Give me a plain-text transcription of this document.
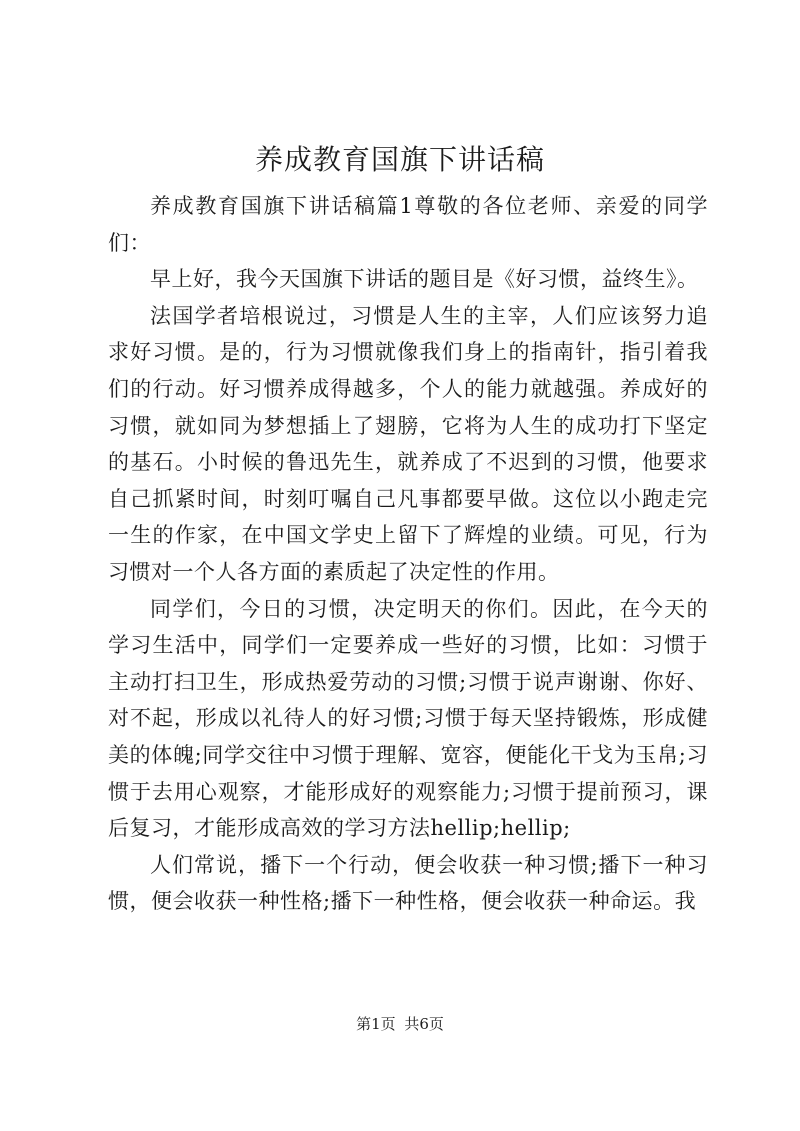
养成教育国旗下讲话稿

养成教育国旗下讲话稿篇1尊敬的各位老师、亲爱的同学们：

早上好，我今天国旗下讲话的题目是《好习惯，益终生》。

法国学者培根说过，习惯是人生的主宰，人们应该努力追求好习惯。是的，行为习惯就像我们身上的指南针，指引着我们的行动。好习惯养成得越多，个人的能力就越强。养成好的习惯，就如同为梦想插上了翅膀，它将为人生的成功打下坚定的基石。小时候的鲁迅先生，就养成了不迟到的习惯，他要求自己抓紧时间，时刻叮嘱自己凡事都要早做。这位以小跑走完一生的作家，在中国文学史上留下了辉煌的业绩。可见，行为习惯对一个人各方面的素质起了决定性的作用。

同学们，今日的习惯，决定明天的你们。因此，在今天的学习生活中，同学们一定要养成一些好的习惯，比如：习惯于主动打扫卫生，形成热爱劳动的习惯;习惯于说声谢谢、你好、对不起，形成以礼待人的好习惯;习惯于每天坚持锻炼，形成健美的体魄;同学交往中习惯于理解、宽容，便能化干戈为玉帛;习惯于去用心观察，才能形成好的观察能力;习惯于提前预习，课后复习，才能形成高效的学习方法hellip;hellip;

人们常说，播下一个行动，便会收获一种习惯;播下一种习惯，便会收获一种性格;播下一种性格，便会收获一种命运。我

第1页 共6页
